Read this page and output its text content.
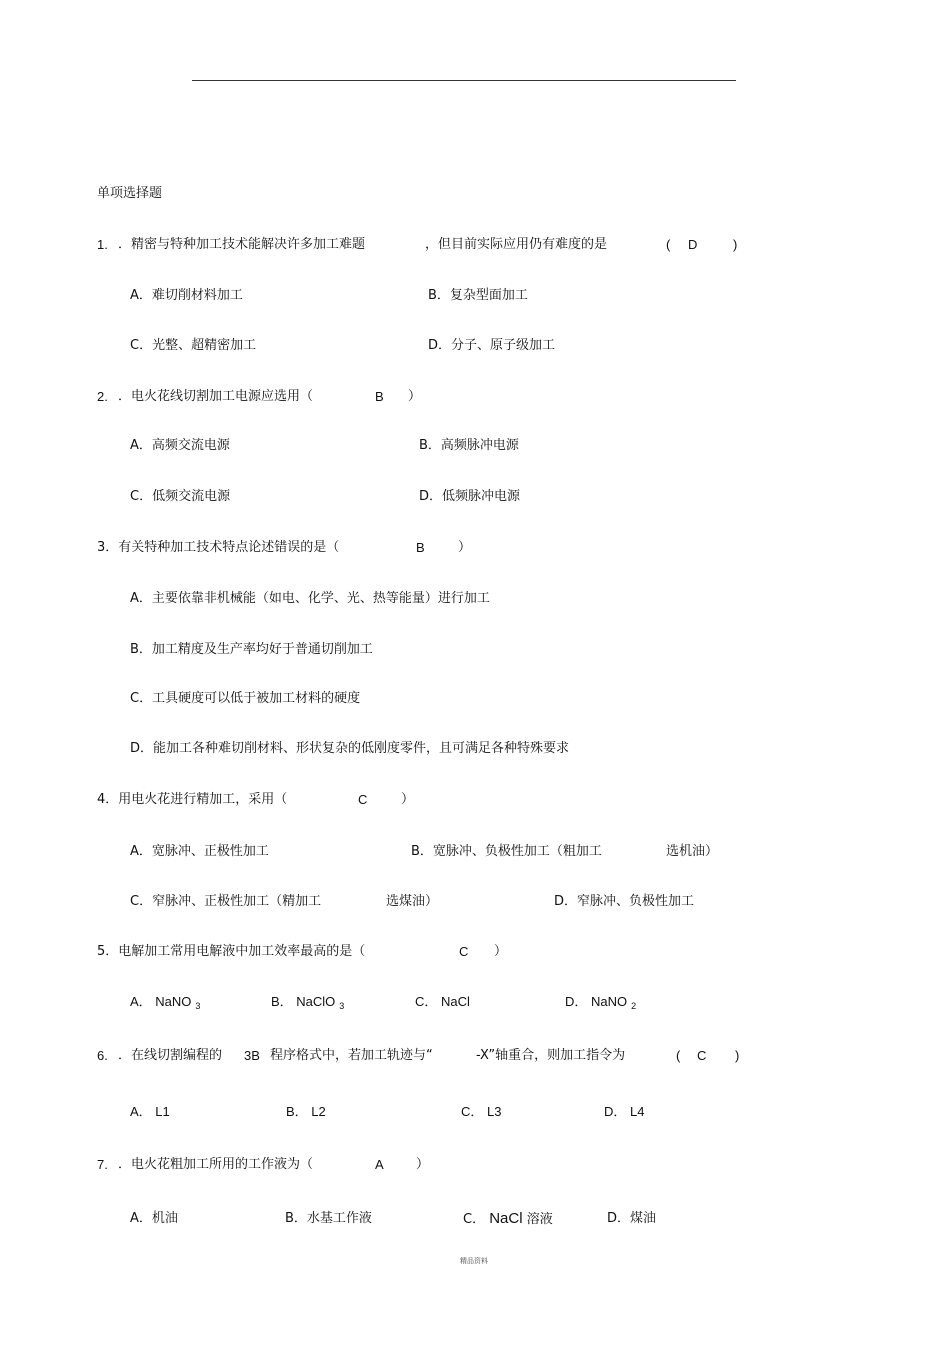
单项选择题
1. ．精密与特种加工技术能解决许多加工难题	，但目前实际应用仍有难度的是	( D	)
A．难切削材料加工	B．复杂型面加工
C．光整、超精密加工	D．分子、原子级加工
2. ．电火花线切割加工电源应选用（	B ）
A．高频交流电源	B．高频脉冲电源
C．低频交流电源	D．低频脉冲电源
3．有关特种加工技术特点论述错误的是（	B	）
A．主要依靠非机械能（如电、化学、光、热等能量）进行加工
B．加工精度及生产率均好于普通切削加工
C．工具硬度可以低于被加工材料的硬度
D．能加工各种难切削材料、形状复杂的低刚度零件，且可满足各种特殊要求
4．用电火花进行精加工，采用（	C	）
A．宽脉冲、正极性加工	B．宽脉冲、负极性加工（粗加工	选机油）
C．窄脉冲、正极性加工（精加工	选煤油）	D．窄脉冲、负极性加工
5．电解加工常用电解液中加工效率最高的是（	C ）
A． NaNO $_3$	B． NaClO $_3$	C． NaCl	D． NaNO $_2$
6. ．在线切割编程的 3B 程序格式中，若加工轨迹与“	-X”轴重合，则加工指令为	( C )
A． L1	B． L2	C． L3	D． L4
7. ．电火花粗加工所用的工作液为（	A ）
A．机油	B．水基工作液	C． NaCl 溶液	D．煤油
精品资料
